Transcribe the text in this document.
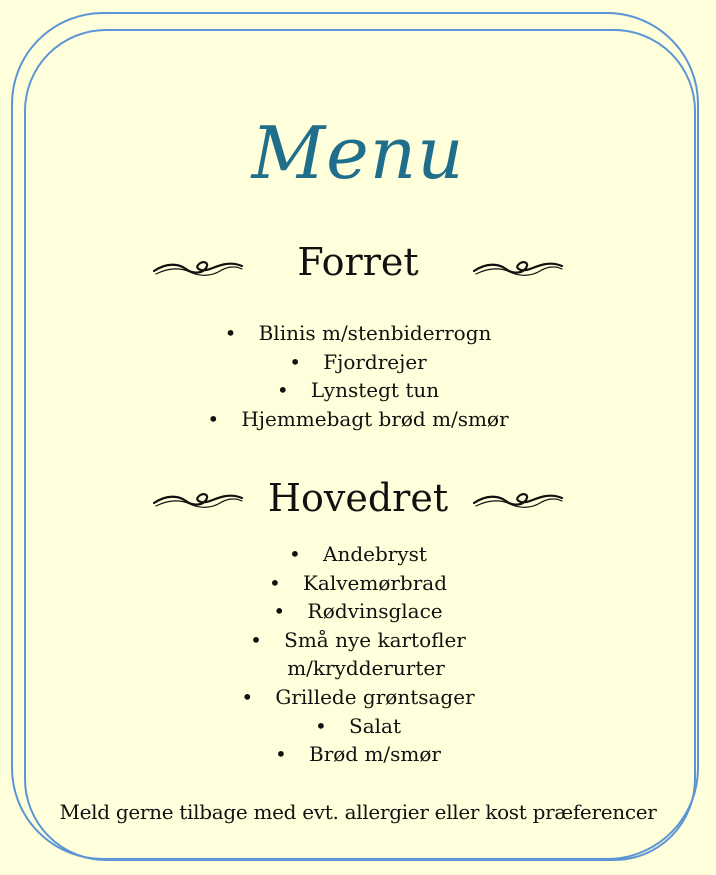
Menu
Forret
• Blinis m/stenbiderrogn
• Fjordrejer
• Lynstegt tun
• Hjemmebagt brød m/smør
Hovedret
• Andebryst
• Kalvemørbrad
• Rødvinsglace
• Små nye kartofler
m/krydderurter
• Grillede grøntsager
• Salat
• Brød m/smør
Meld gerne tilbage med evt. allergier eller kost præferencer
